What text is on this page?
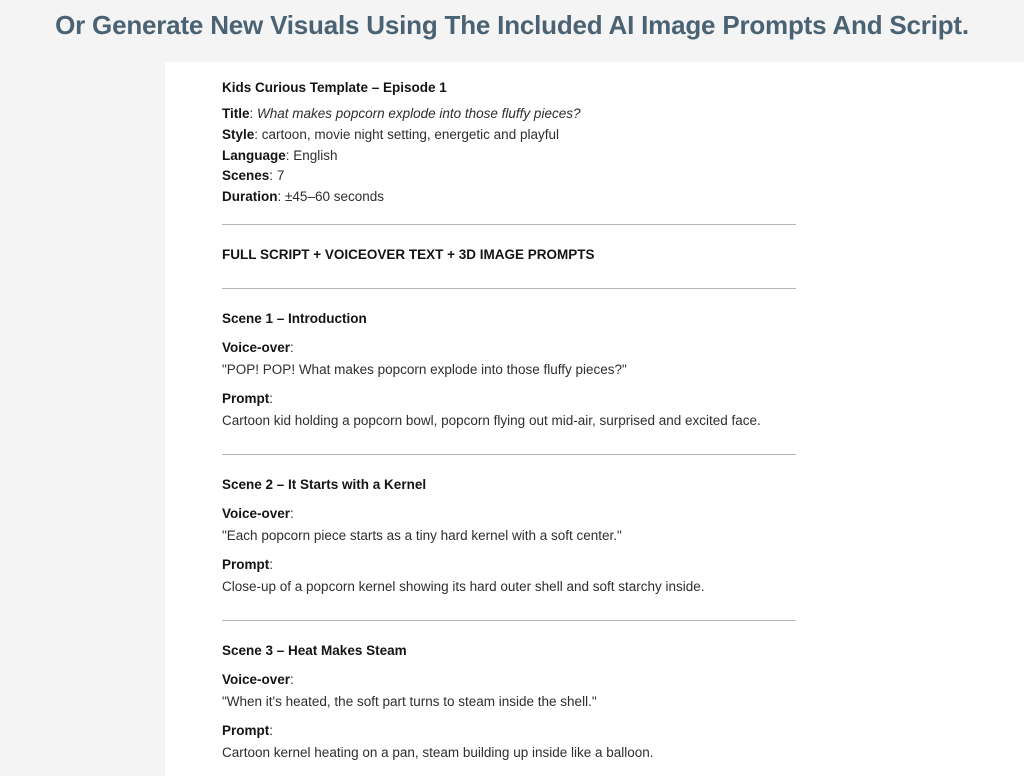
Or Generate New Visuals Using The Included AI Image Prompts And Script.

Kids Curious Template – Episode 1

Title: What makes popcorn explode into those fluffy pieces?

Style: cartoon, movie night setting, energetic and playful

Language: English

Scenes: 7

Duration: ±45–60 seconds

FULL SCRIPT + VOICEOVER TEXT + 3D IMAGE PROMPTS

Scene 1 – Introduction

Voice-over:

"POP! POP! What makes popcorn explode into those fluffy pieces?"

Prompt:

Cartoon kid holding a popcorn bowl, popcorn flying out mid-air, surprised and excited face.

Scene 2 – It Starts with a Kernel

Voice-over:

"Each popcorn piece starts as a tiny hard kernel with a soft center."

Prompt:

Close-up of a popcorn kernel showing its hard outer shell and soft starchy inside.

Scene 3 – Heat Makes Steam

Voice-over:

"When it's heated, the soft part turns to steam inside the shell."

Prompt:

Cartoon kernel heating on a pan, steam building up inside like a balloon.
